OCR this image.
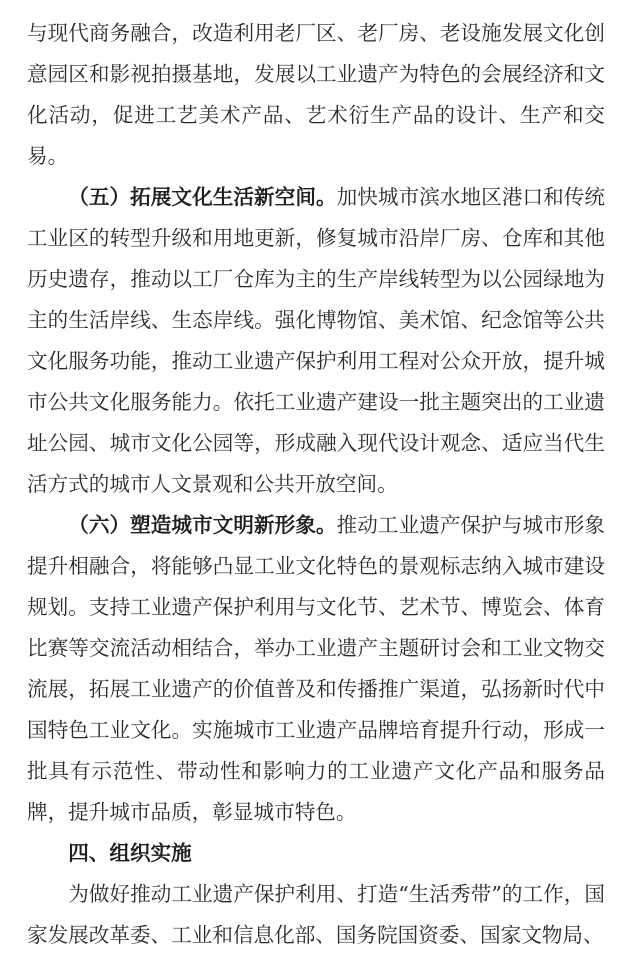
与现代商务融合，改造利用老厂区、老厂房、老设施发展文化创意园区和影视拍摄基地，发展以工业遗产为特色的会展经济和文化活动，促进工艺美术产品、艺术衍生产品的设计、生产和交易。

（五）拓展文化生活新空间。加快城市滨水地区港口和传统工业区的转型升级和用地更新，修复城市沿岸厂房、仓库和其他历史遗存，推动以工厂仓库为主的生产岸线转型为以公园绿地为主的生活岸线、生态岸线。强化博物馆、美术馆、纪念馆等公共文化服务功能，推动工业遗产保护利用工程对公众开放，提升城市公共文化服务能力。依托工业遗产建设一批主题突出的工业遗址公园、城市文化公园等，形成融入现代设计观念、适应当代生活方式的城市人文景观和公共开放空间。

（六）塑造城市文明新形象。推动工业遗产保护与城市形象提升相融合，将能够凸显工业文化特色的景观标志纳入城市建设规划。支持工业遗产保护利用与文化节、艺术节、博览会、体育比赛等交流活动相结合，举办工业遗产主题研讨会和工业文物交流展，拓展工业遗产的价值普及和传播推广渠道，弘扬新时代中国特色工业文化。实施城市工业遗产品牌培育提升行动，形成一批具有示范性、带动性和影响力的工业遗产文化产品和服务品牌，提升城市品质，彰显城市特色。

四、组织实施

为做好推动工业遗产保护利用、打造“生活秀带”的工作，国家发展改革委、工业和信息化部、国务院国资委、国家文物局、
